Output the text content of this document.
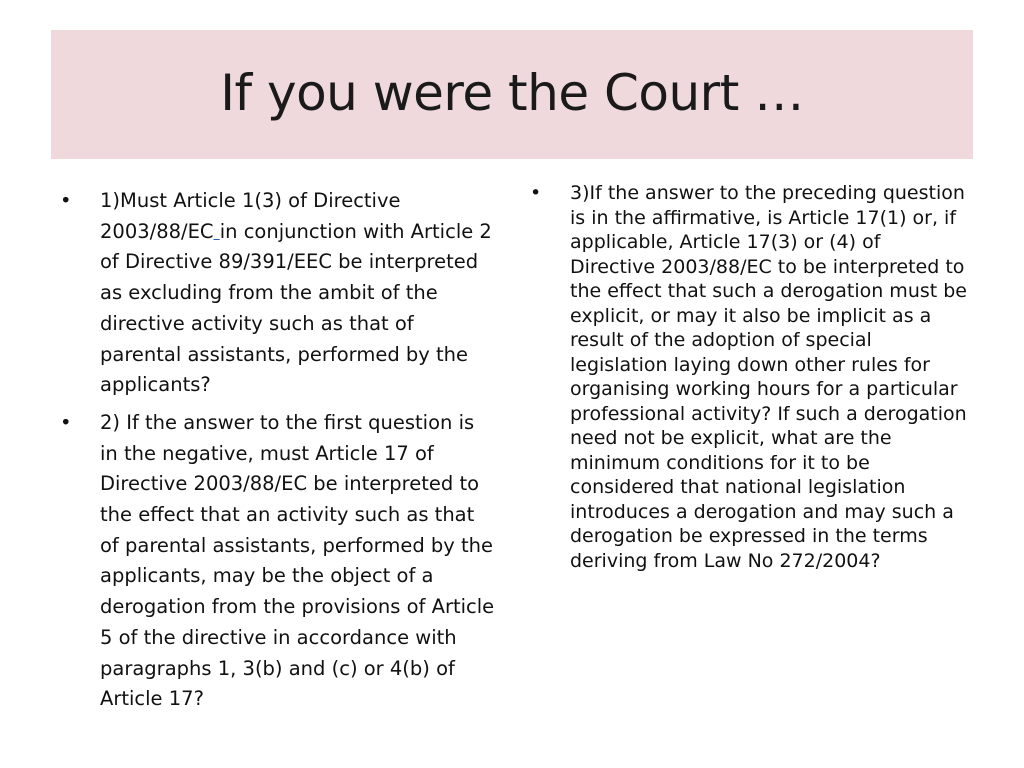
If you were the Court …
• 1)Must Article 1(3) of Directive 2003/88/EC in conjunction with Article 2 of Directive 89/391/EEC be interpreted as excluding from the ambit of the directive activity such as that of parental assistants, performed by the applicants?
• 2) If the answer to the first question is in the negative, must Article 17 of Directive 2003/88/EC be interpreted to the effect that an activity such as that of parental assistants, performed by the applicants, may be the object of a derogation from the provisions of Article 5 of the directive in accordance with paragraphs 1, 3(b) and (c) or 4(b) of Article 17?
• 3)If the answer to the preceding question is in the affirmative, is Article 17(1) or, if applicable, Article 17(3) or (4) of Directive 2003/88/EC to be interpreted to the effect that such a derogation must be explicit, or may it also be implicit as a result of the adoption of special legislation laying down other rules for organising working hours for a particular professional activity? If such a derogation need not be explicit, what are the minimum conditions for it to be considered that national legislation introduces a derogation and may such a derogation be expressed in the terms deriving from Law No 272/2004?
